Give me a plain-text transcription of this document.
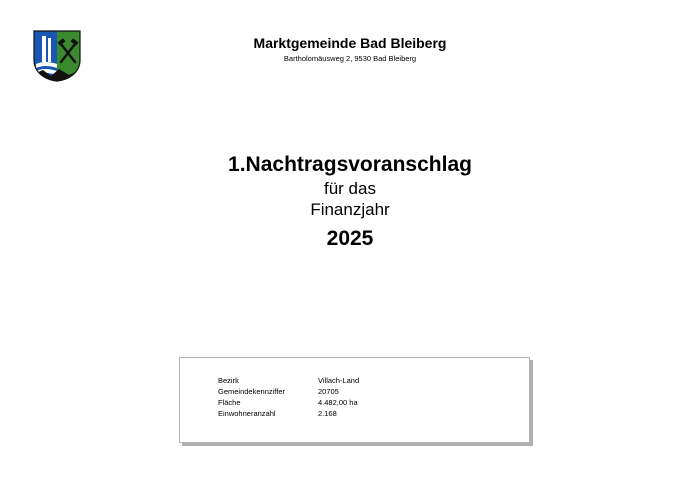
Marktgemeinde Bad Bleiberg
Bartholomäusweg 2, 9530 Bad Bleiberg
1.Nachtragsvoranschlag
für das
Finanzjahr
2025
Bezirk	Villach-Land
Gemeindekennziffer	20705
Fläche	4.482,00 ha
Einwohneranzahl	2.168
